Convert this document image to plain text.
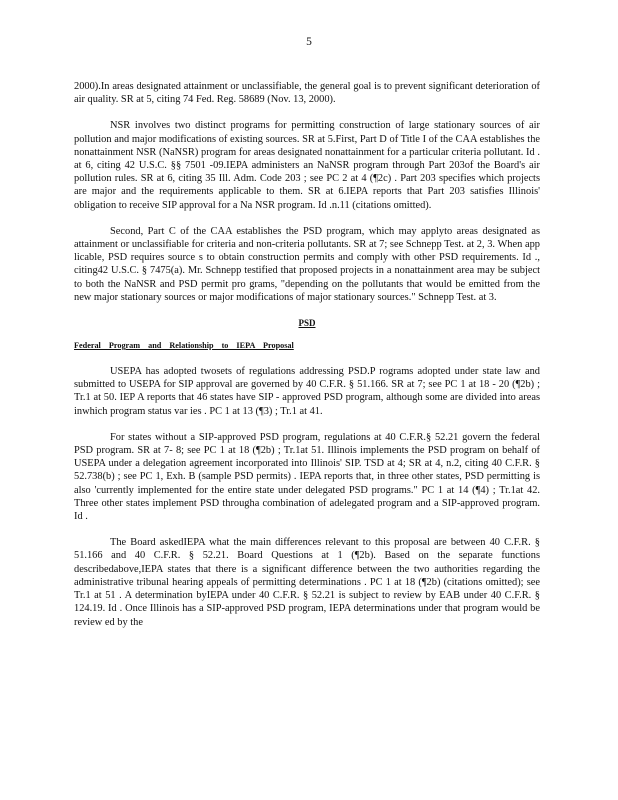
5

2000).In areas designated attainment or unclassifiable, the general goal is to prevent significant deterioration of air quality. SR at 5, citing 74 Fed. Reg. 58689 (Nov. 13, 2000).

NSR involves two distinct programs for permitting construction of large stationary sources of air pollution and major modifications of existing sources. SR at 5.First, Part D of Title I of the CAA establishes the nonattainment NSR (NaNSR) program for areas designated nonattainment for a particular criteria pollutant. Id . at 6, citing 42 U.S.C. §§ 7501 -09.IEPA administers an NaNSR program through Part 203of the Board's air pollution rules. SR at 6, citing 35 Ill. Adm. Code 203 ; see PC 2 at 4 (¶2c) . Part 203 specifies which projects are major and the requirements applicable to them. SR at 6.IEPA reports that Part 203 satisfies Illinois' obligation to receive SIP approval for a Na NSR program. Id .n.11 (citations omitted).

Second, Part C of the CAA establishes the PSD program, which may applyto areas designated as attainment or unclassifiable for criteria and non-criteria pollutants. SR at 7; see Schnepp Test. at 2, 3. When app licable, PSD requires source s to obtain construction permits and comply with other PSD requirements. Id ., citing42 U.S.C. § 7475(a). Mr. Schnepp testified that proposed projects in a nonattainment area may be subject to both the NaNSR and PSD permit pro grams, "depending on the pollutants that would be emitted from the new major stationary sources or major modifications of major stationary sources." Schnepp Test. at 3.

PSD

Federal Program and Relationship to IEPA Proposal

USEPA has adopted twosets of regulations addressing PSD.P rograms adopted under state law and submitted to USEPA for SIP approval are governed by 40 C.F.R. § 51.166. SR at 7; see PC 1 at 18 - 20 (¶2b) ; Tr.1 at 50. IEP A reports that 46 states have SIP - approved PSD program, although some are divided into areas inwhich program status var ies . PC 1 at 13 (¶3) ; Tr.1 at 41.

For states without a SIP-approved PSD program, regulations at 40 C.F.R.§ 52.21 govern the federal PSD program. SR at 7- 8; see PC 1 at 18 (¶2b) ; Tr.1at 51. Illinois implements the PSD program on behalf of USEPA under a delegation agreement incorporated into Illinois' SIP. TSD at 4; SR at 4, n.2, citing 40 C.F.R. § 52.738(b) ; see PC 1, Exh. B (sample PSD permits) . IEPA reports that, in three other states, PSD permitting is also 'currently implemented for the entire state under delegated PSD programs." PC 1 at 14 (¶4) ; Tr.1at 42. Three other states implement PSD througha combination of adelegated program and a SIP-approved program. Id .

The Board askedIEPA what the main differences relevant to this proposal are between 40 C.F.R. § 51.166 and 40 C.F.R. § 52.21. Board Questions at 1 (¶2b). Based on the separate functions describedabove,IEPA states that there is a significant difference between the two authorities regarding the administrative tribunal hearing appeals of permitting determinations . PC 1 at 18 (¶2b) (citations omitted); see Tr.1 at 51 . A determination byIEPA under 40 C.F.R. § 52.21 is subject to review by EAB under 40 C.F.R. § 124.19. Id . Once Illinois has a SIP-approved PSD program, IEPA determinations under that program would be review ed by the
